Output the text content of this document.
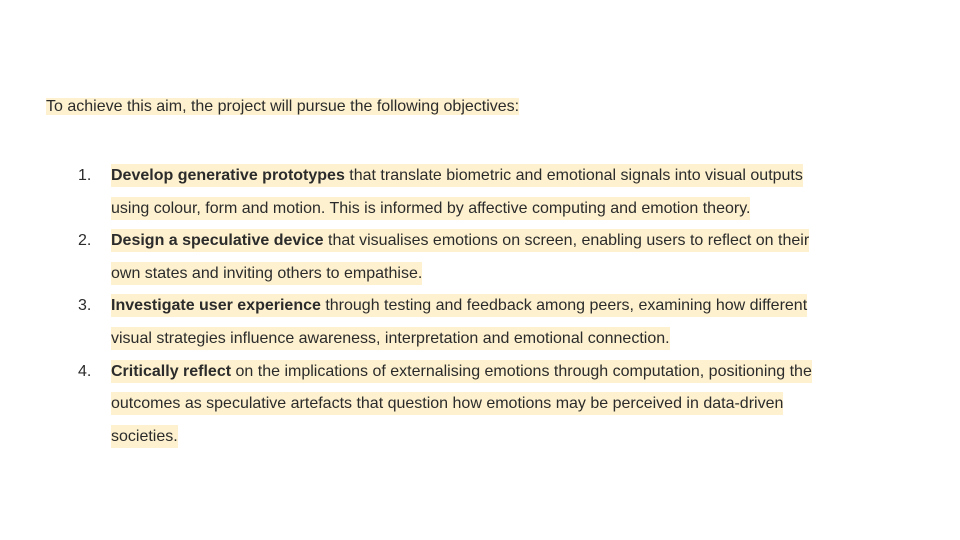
To achieve this aim, the project will pursue the following objectives:
1. Develop generative prototypes that translate biometric and emotional signals into visual outputs
using colour, form and motion. This is informed by affective computing and emotion theory.
2. Design a speculative device that visualises emotions on screen, enabling users to reflect on their
own states and inviting others to empathise.
3. Investigate user experience through testing and feedback among peers, examining how different
visual strategies influence awareness, interpretation and emotional connection.
4. Critically reflect on the implications of externalising emotions through computation, positioning the
outcomes as speculative artefacts that question how emotions may be perceived in data-driven
societies.
